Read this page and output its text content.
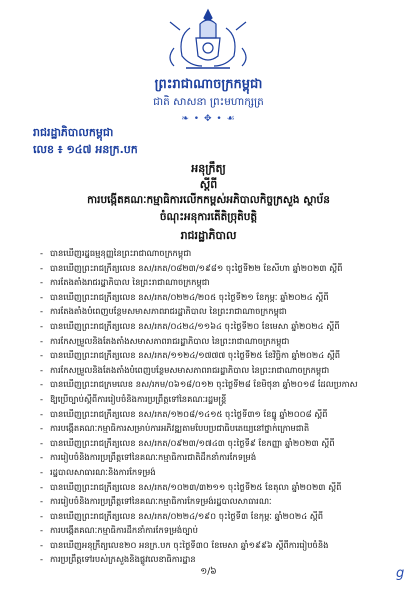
ព្រះរាជាណាចក្រកម្ពុជា
ជាតិ សាសនា ព្រះមហាក្សត្រ
❧ • ✥ • ☙
រាជរដ្ឋាភិបាលកម្ពុជា
លេខ ៖ ១៤៧ អនក្រ.បក
អនុក្រឹត្យ
ស្តីពី
ការបង្កើតគណៈកម្មាធិការលើកកម្ពស់អភិបាលកិច្ចក្រសួង ស្ថាប័ន
ចំណុះអនុការតើតិច្រុតិបត្តិ
រាជរដ្ឋាភិបាល
- បានឃើញរដ្ឋធម្មនុញ្ញនៃព្រះរាជាណាចក្រកម្ពុជា
- បានឃើញព្រះរាជក្រឹត្យលេខ នស/រកត/០៨២៣/១៩៨១ ចុះថ្ងៃទី២២ ខែសីហា ឆ្នាំ២០២៣ ស្តីពី
- ការតែងតាំងរាជរដ្ឋាភិបាល នៃព្រះរាជាណាចក្រកម្ពុជា
- បានឃើញព្រះរាជក្រឹត្យលេខ នស/រកត/០២២៤/២០៥ ចុះថ្ងៃទី២១ ខែកុម្ភៈ ឆ្នាំ២០២៤ ស្តីពី
- ការតែងតាំងបំពេញបន្ថែមសមាសភាពរាជរដ្ឋាភិបាល នៃព្រះរាជាណាចក្រកម្ពុជា
- បានឃើញព្រះរាជក្រឹត្យលេខ នស/រកត/០៤២៤/១១៦៤ ចុះថ្ងៃទី២០ ខែមេសា ឆ្នាំ២០២៤ ស្តីពី
- ការកែសម្រួលនិងតែងតាំងសមាសភាពរាជរដ្ឋាភិបាល នៃព្រះរាជាណាចក្រកម្ពុជា
- បានឃើញព្រះរាជក្រឹត្យលេខ នស/រកត/១១២៤/១៧៧៧ ចុះថ្ងៃទី២៥ ខែវិច្ឆិកា ឆ្នាំ២០២៤ ស្តីពី
- ការកែសម្រួលនិងតែងតាំងបំពេញបន្ថែមសមាសភាពរាជរដ្ឋាភិបាល នៃព្រះរាជាណាចក្រកម្ពុជា
- បានឃើញព្រះរាជក្រមលេខ នស/រកម/០៦១៨/០១២ ចុះថ្ងៃទី២៨ ខែមិថុនា ឆ្នាំ២០១៨ ដែលប្រកាស
- ឱ្យប្រើច្បាប់ស្តីពីការរៀបចំនិងការប្រព្រឹត្តទៅនៃគណៈរដ្ឋមន្ត្រី
- បានឃើញព្រះរាជក្រឹត្យលេខ នស/រកត/១២០៨/១៤១៥ ចុះថ្ងៃទី៣១ ខែធ្នូ ឆ្នាំ២០០៨ ស្តីពី
- ការបង្កើតគណៈកម្មាធិការសម្រាប់ការអភិវឌ្ឍតាមបែបប្រជាធិបតេយ្យនៅថ្នាក់ក្រោមជាតិ
- បានឃើញព្រះរាជក្រឹត្យលេខ នស/រកត/០៩២៣/១៧៤៣ ចុះថ្ងៃទី៩ ខែកញ្ញា ឆ្នាំ២០២៣ ស្តីពី
- ការរៀបចំនិងការប្រព្រឹត្តទៅនៃគណៈកម្មាធិការជាតិដឹកនាំការកែទម្រង់
- រដ្ឋបាលសាធារណៈនិងការកែទម្រង់
- បានឃើញព្រះរាជក្រឹត្យលេខ នស/រកត/១០២៣/៣២១១ ចុះថ្ងៃទី២៥ ខែតុលា ឆ្នាំ២០២៣ ស្តីពី
- ការរៀបចំនិងការប្រព្រឹត្តទៅនៃគណៈកម្មាធិការកែទម្រង់រដ្ឋបាលសាធារណៈ
- បានឃើញព្រះរាជក្រឹត្យលេខ នស/រកត/០២២៤/១៩០ ចុះថ្ងៃទី៣ ខែកុម្ភៈ ឆ្នាំ២០២៤ ស្តីពី
- ការបង្កើតគណៈកម្មាធិការដឹកនាំការកែទម្រង់ច្បាប់
- បានឃើញអនុក្រឹត្យលេខ២០ អនក្រ.បក ចុះថ្ងៃទី៣០ ខែមេសា ឆ្នាំ១៩៩៦ ស្តីពីការរៀបចំនិង
- ការប្រព្រឹត្តទៅរបស់ក្រសួងនិងផ្លូវលេខាធិការដ្ឋាន
១/៦	g
